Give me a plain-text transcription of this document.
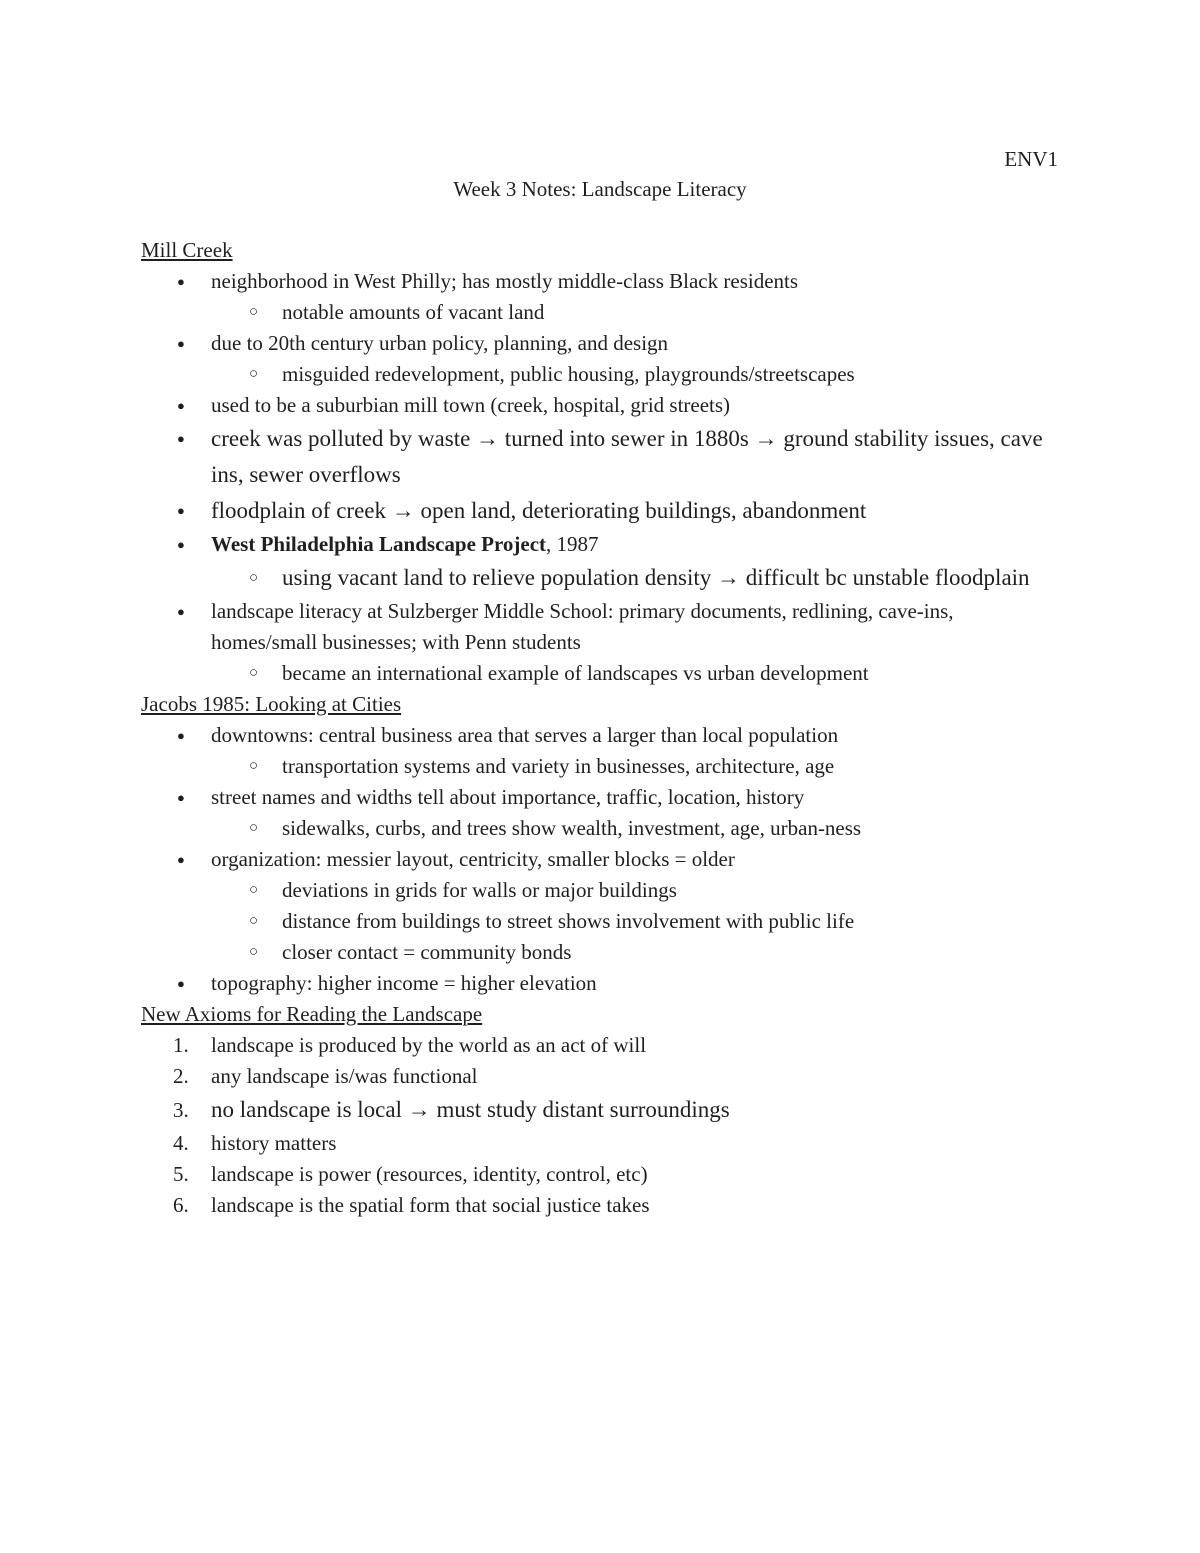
ENV1
Week 3 Notes: Landscape Literacy
Mill Creek
● neighborhood in West Philly; has mostly middle-class Black residents
○ notable amounts of vacant land
● due to 20th century urban policy, planning, and design
○ misguided redevelopment, public housing, playgrounds/streetscapes
● used to be a suburbian mill town (creek, hospital, grid streets)
● creek was polluted by waste → turned into sewer in 1880s → ground stability issues, cave ins, sewer overflows
● floodplain of creek → open land, deteriorating buildings, abandonment
● West Philadelphia Landscape Project, 1987
○ using vacant land to relieve population density → difficult bc unstable floodplain
● landscape literacy at Sulzberger Middle School: primary documents, redlining, cave-ins, homes/small businesses; with Penn students
○ became an international example of landscapes vs urban development
Jacobs 1985: Looking at Cities
● downtowns: central business area that serves a larger than local population
○ transportation systems and variety in businesses, architecture, age
● street names and widths tell about importance, traffic, location, history
○ sidewalks, curbs, and trees show wealth, investment, age, urban-ness
● organization: messier layout, centricity, smaller blocks = older
○ deviations in grids for walls or major buildings
○ distance from buildings to street shows involvement with public life
○ closer contact = community bonds
● topography: higher income = higher elevation
New Axioms for Reading the Landscape
1. landscape is produced by the world as an act of will
2. any landscape is/was functional
3. no landscape is local → must study distant surroundings
4. history matters
5. landscape is power (resources, identity, control, etc)
6. landscape is the spatial form that social justice takes
